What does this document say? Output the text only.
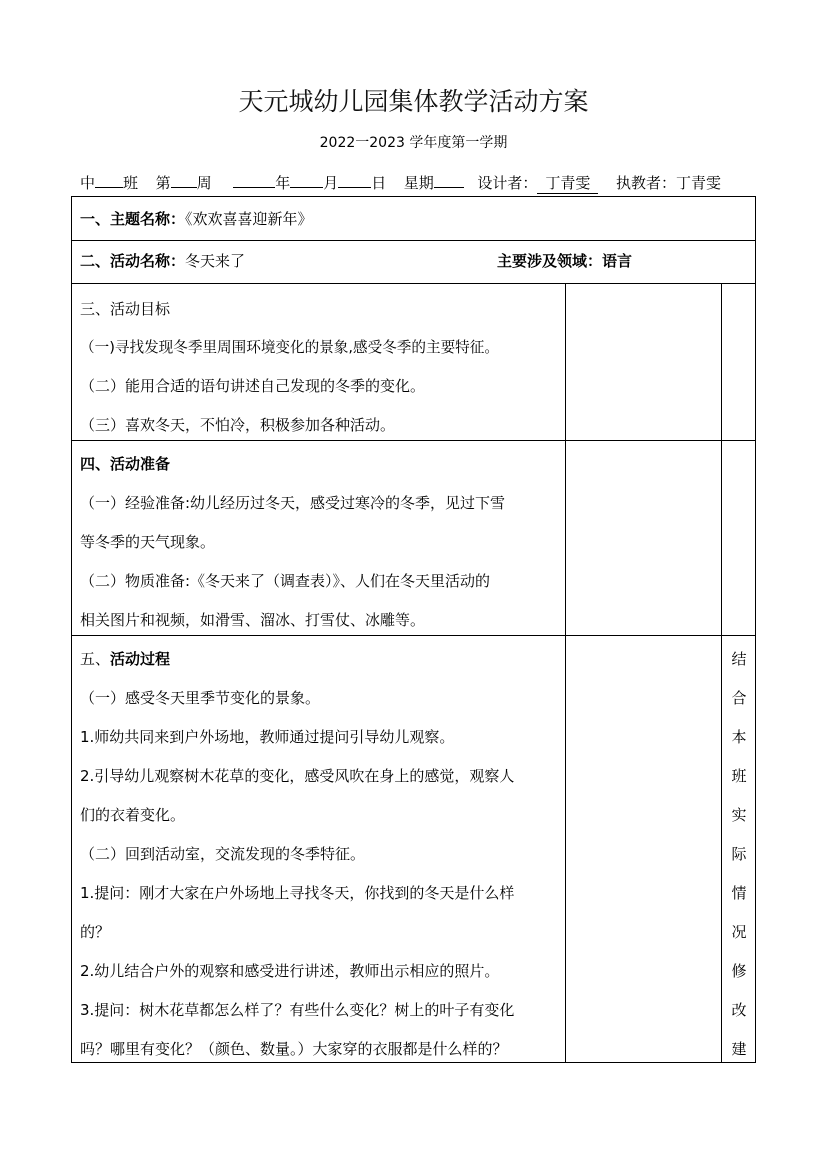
天元城幼儿园集体教学活动方案
2022一2023 学年度第一学期
中 班 第 周	年 月 日 星期	设计者： 丁青雯 执教者：丁青雯
一、主题名称：《欢欢喜喜迎新年》
二、活动名称：冬天来了	主要涉及领域：语言
三、活动目标
（一)寻找发现冬季里周围环境变化的景象,感受冬季的主要特征。
（二）能用合适的语句讲述自己发现的冬季的变化。
（三）喜欢冬天，不怕冷，积极参加各种活动。
四、活动准备
（一）经验准备:幼儿经历过冬天，感受过寒冷的冬季，见过下雪
等冬季的天气现象。
（二）物质准备:《冬天来了（调查表）》、人们在冬天里活动的
相关图片和视频，如滑雪、溜冰、打雪仗、冰雕等。
五、活动过程
（一）感受冬天里季节变化的景象。
1.师幼共同来到户外场地，教师通过提问引导幼儿观察。
2.引导幼儿观察树木花草的变化，感受风吹在身上的感觉，观察人
们的衣着变化。
（二）回到活动室，交流发现的冬季特征。
1.提问：刚才大家在户外场地上寻找冬天，你找到的冬天是什么样
的？
2.幼儿结合户外的观察和感受进行讲述，教师出示相应的照片。
3.提问：树木花草都怎么样了？有些什么变化？树上的叶子有变化
吗？哪里有变化？（颜色、数量。）大家穿的衣服都是什么样的？
结
合
本
班
实
际
情
况
修
改
建
